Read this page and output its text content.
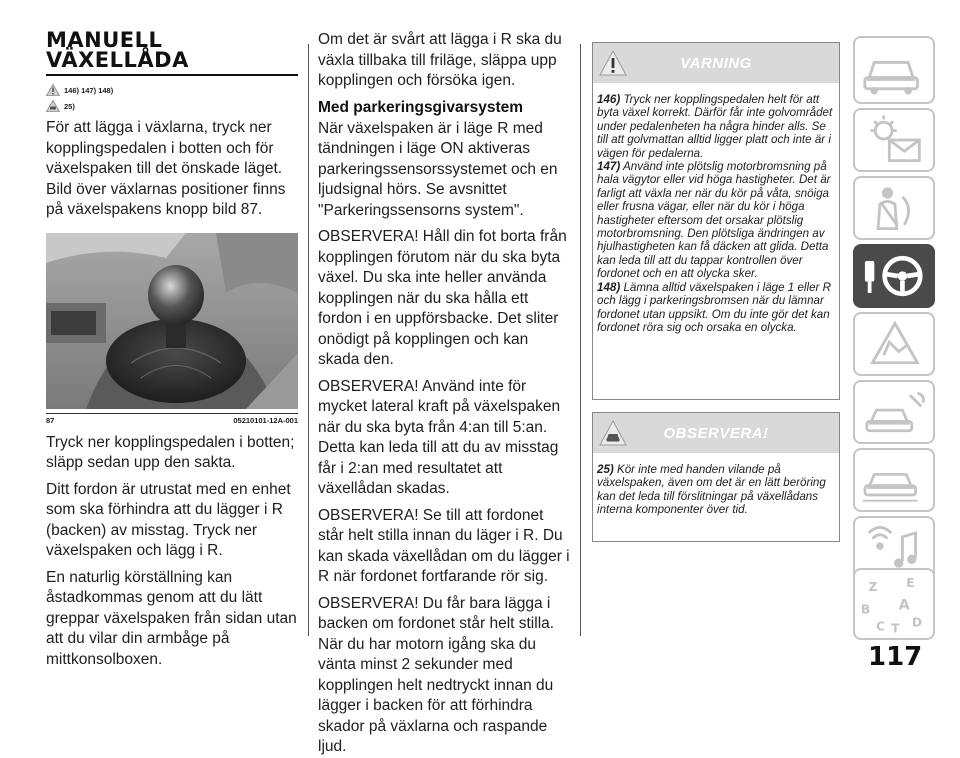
MANUELL
VÄXELLÅDA
146) 147) 148)
25)

För att lägga i växlarna, tryck ner kopplingspedalen i botten och för växelspaken till det önskade läget. Bild över växlarnas positioner finns på växelspakens knopp bild 87.

87	05210101-12A-001

Tryck ner kopplingspedalen i botten; släpp sedan upp den sakta.

Ditt fordon är utrustat med en enhet som ska förhindra att du lägger i R (backen) av misstag. Tryck ner växelspaken och lägg i R.

En naturlig körställning kan åstadkommas genom att du lätt greppar växelspaken från sidan utan att du vilar din armbåge på mittkonsolboxen.

Om det är svårt att lägga i R ska du växla tillbaka till friläge, släppa upp kopplingen och försöka igen.

Med parkeringsgivarsystem

När växelspaken är i läge R med tändningen i läge ON aktiveras parkeringssensorssystemet och en ljudsignal hörs. Se avsnittet "Parkeringssensorns system".

OBSERVERA! Håll din fot borta från kopplingen förutom när du ska byta växel. Du ska inte heller använda kopplingen när du ska hålla ett fordon i en uppförsbacke. Det sliter onödigt på kopplingen och kan skada den.

OBSERVERA! Använd inte för mycket lateral kraft på växelspaken när du ska byta från 4:an till 5:an. Detta kan leda till att du av misstag får i 2:an med resultatet att växellådan skadas.

OBSERVERA! Se till att fordonet står helt stilla innan du läger i R. Du kan skada växellådan om du lägger i R när fordonet fortfarande rör sig.

OBSERVERA! Du får bara lägga i backen om fordonet står helt stilla. När du har motorn igång ska du vänta minst 2 sekunder med kopplingen helt nedtryckt innan du lägger i backen för att förhindra skador på växlarna och raspande ljud.

VARNING
146) Tryck ner kopplingspedalen helt för att byta växel korrekt. Därför får inte golvområdet under pedalenheten ha några hinder alls. Se till att golvmattan alltid ligger platt och inte är i vägen för pedalerna.
147) Använd inte plötslig motorbromsning på hala vägytor eller vid höga hastigheter. Det är farligt att växla ner när du kör på våta, snöiga eller frusna vägar, eller när du kör i höga hastigheter eftersom det orsakar plötslig motorbromsning. Den plötsliga ändringen av hjulhastigheten kan få däcken att glida. Detta kan leda till att du tappar kontrollen över fordonet och en att olycka sker.
148) Lämna alltid växelspaken i läge 1 eller R och lägg i parkeringsbromsen när du lämnar fordonet utan uppsikt. Om du inte gör det kan fordonet röra sig och orsaka en olycka.
OBSERVERA!
25) Kör inte med handen vilande på växelspaken, även om det är en lätt beröring kan det leda till förslitningar på växellådans interna komponenter över tid.
Z E
B A
C T D
117
